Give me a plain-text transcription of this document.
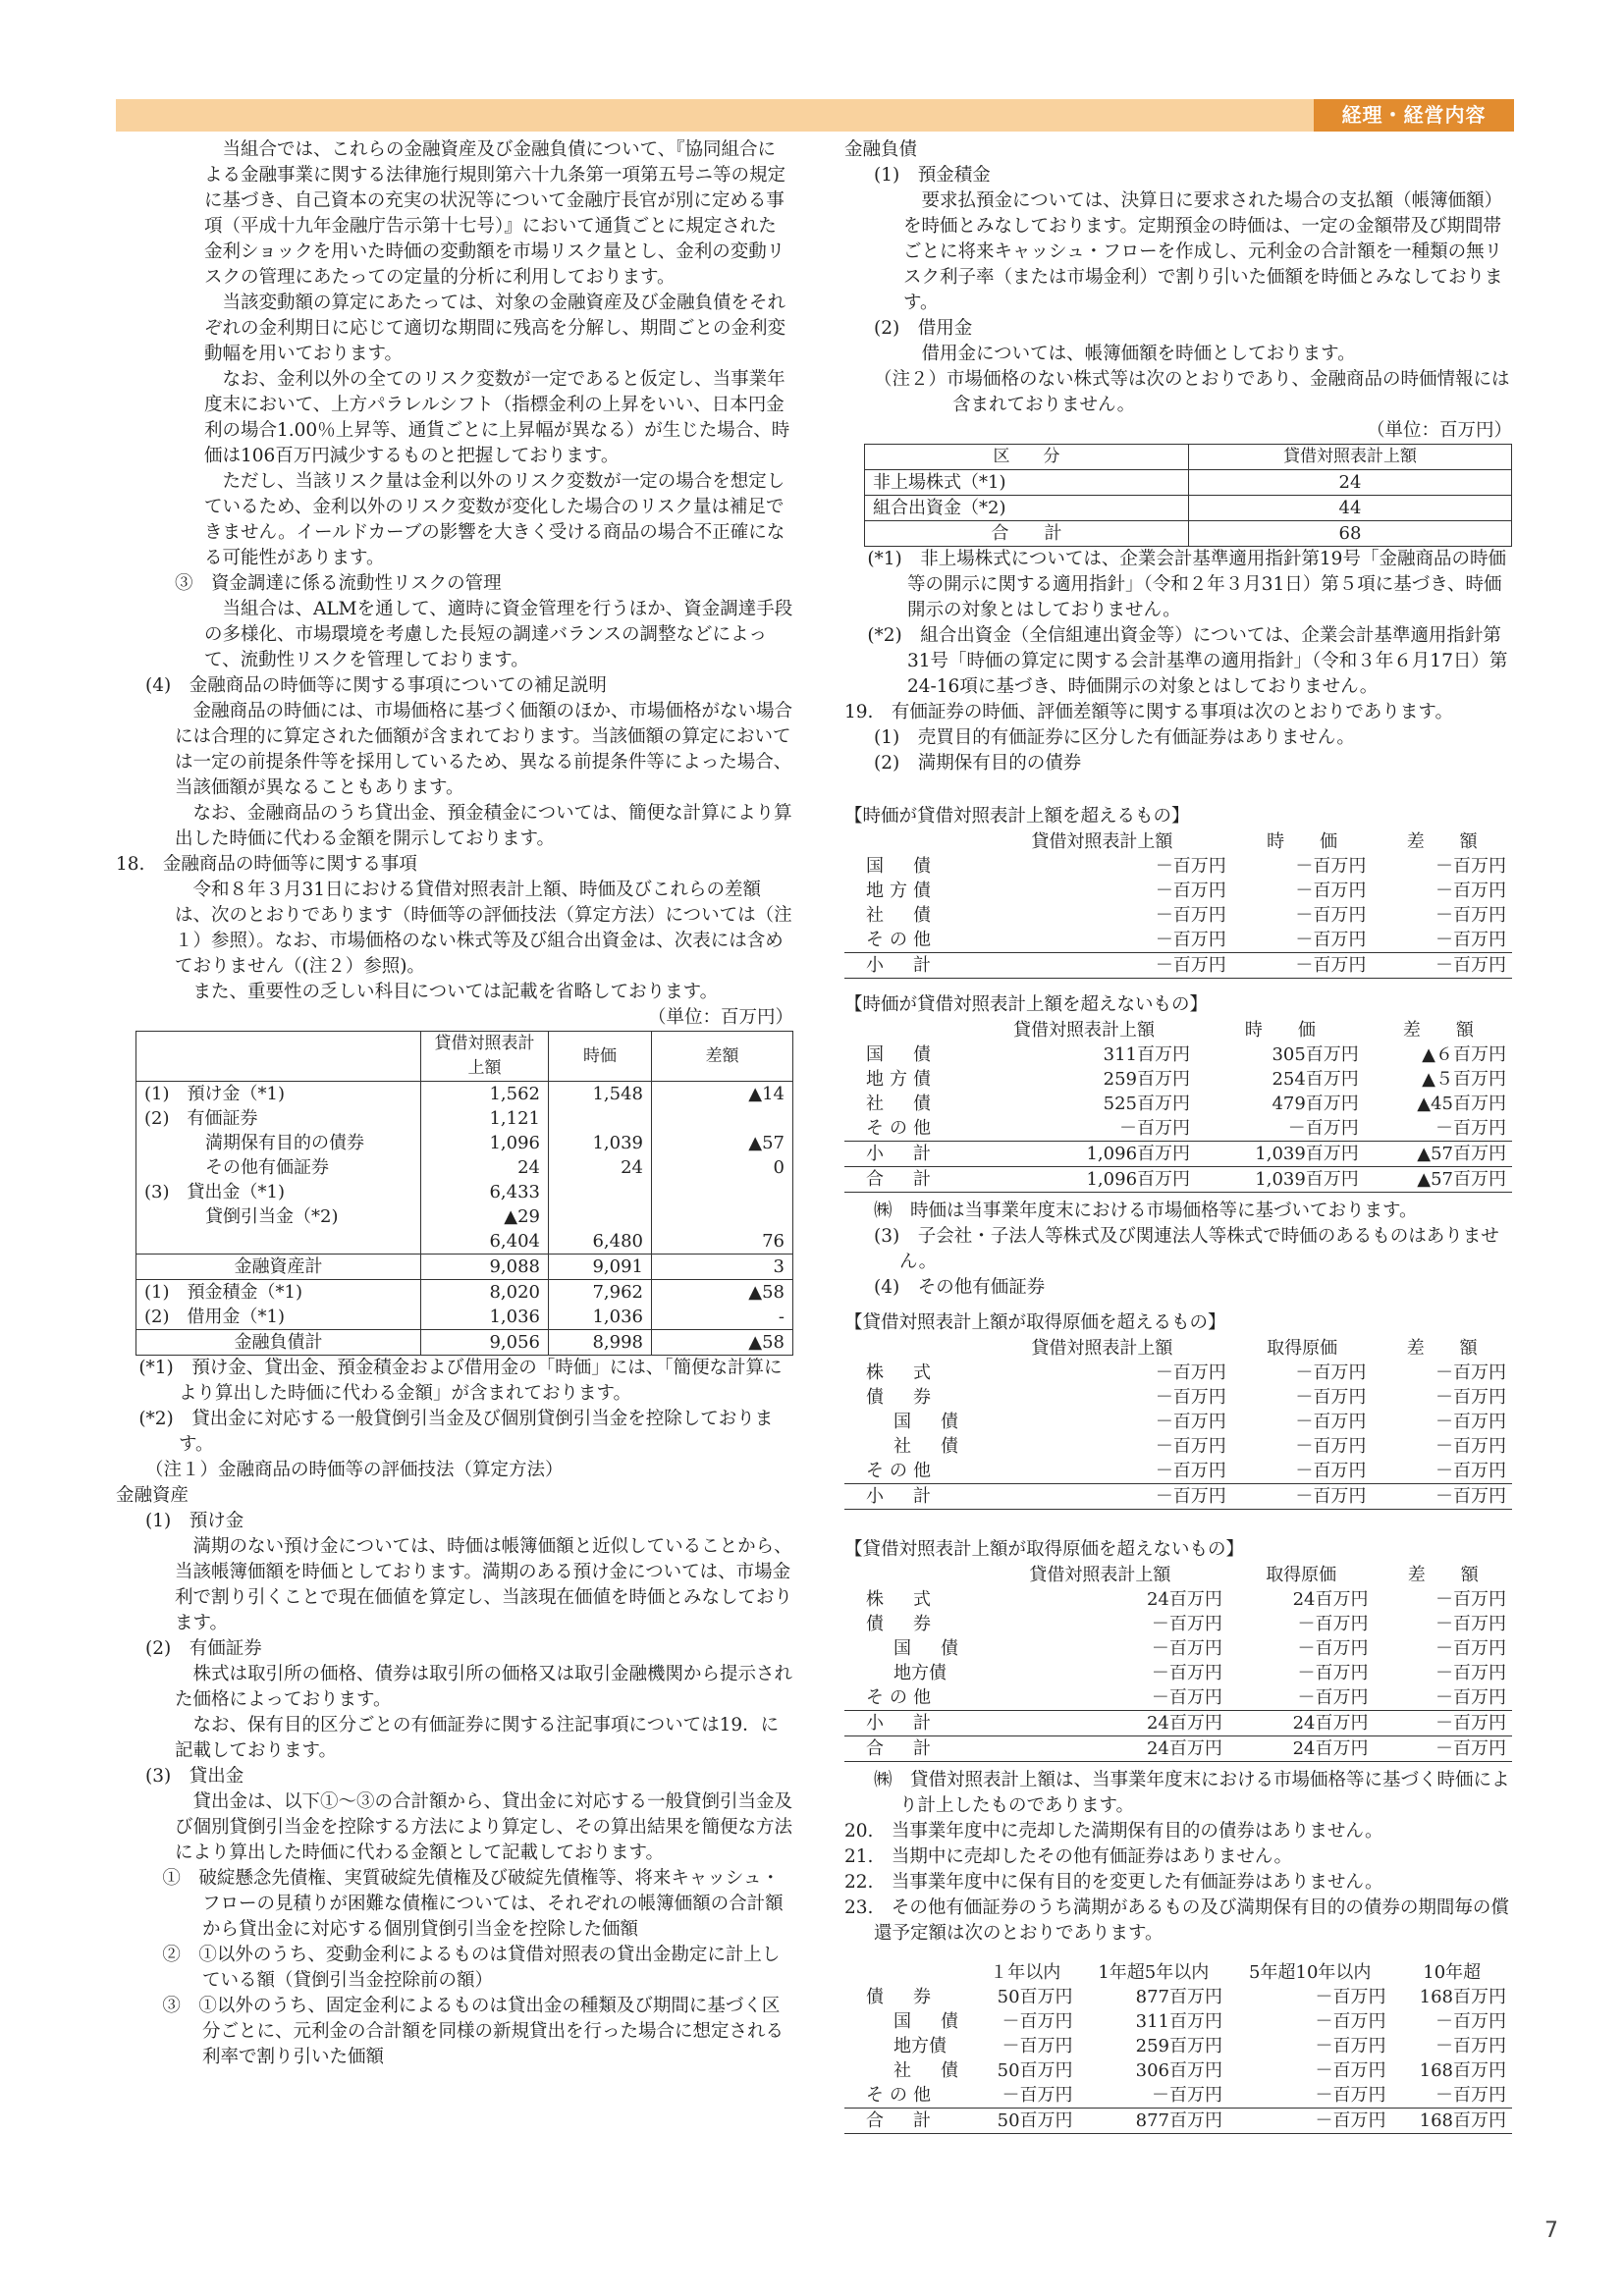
経理・経営内容

当組合では、これらの金融資産及び金融負債について、『協同組合による金融事業に関する法律施行規則第六十九条第一項第五号ニ等の規定に基づき、自己資本の充実の状況等について金融庁長官が別に定める事項（平成十九年金融庁告示第十七号）』において通貨ごとに規定された金利ショックを用いた時価の変動額を市場リスク量とし、金利の変動リスクの管理にあたっての定量的分析に利用しております。

当該変動額の算定にあたっては、対象の金融資産及び金融負債をそれぞれの金利期日に応じて適切な期間に残高を分解し、期間ごとの金利変動幅を用いております。

なお、金利以外の全てのリスク変数が一定であると仮定し、当事業年度末において、上方パラレルシフト（指標金利の上昇をいい、日本円金利の場合1.00％上昇等、通貨ごとに上昇幅が異なる）が生じた場合、時価は106百万円減少するものと把握しております。

ただし、当該リスク量は金利以外のリスク変数が一定の場合を想定しているため、金利以外のリスク変数が変化した場合のリスク量は補足できません。イールドカーブの影響を大きく受ける商品の場合不正確になる可能性があります。

③　資金調達に係る流動性リスクの管理

当組合は、ALMを通して、適時に資金管理を行うほか、資金調達手段の多様化、市場環境を考慮した長短の調達バランスの調整などによって、流動性リスクを管理しております。

(4)　金融商品の時価等に関する事項についての補足説明

金融商品の時価には、市場価格に基づく価額のほか、市場価格がない場合には合理的に算定された価額が含まれております。当該価額の算定においては一定の前提条件等を採用しているため、異なる前提条件等によった場合、当該価額が異なることもあります。

なお、金融商品のうち貸出金、預金積金については、簡便な計算により算出した時価に代わる金額を開示しております。

18.　金融商品の時価等に関する事項

令和８年３月31日における貸借対照表計上額、時価及びこれらの差額は、次のとおりであります（時価等の評価技法（算定方法）については（注１）参照）。なお、市場価格のない株式等及び組合出資金は、次表には含めておりません（(注２）参照)。

また、重要性の乏しい科目については記載を省略しております。

（単位：百万円）

	貸借対照表計上額	時価	差額
(1)　預け金（*1)	1,562	1,548	▲14
(2)　有価証券	1,121		
満期保有目的の債券	1,096	1,039	▲57
その他有価証券	24	24	0
(3)　貸出金（*1)	6,433		
貸倒引当金（*2)	▲29		
	6,404	6,480	76
金融資産計	9,088	9,091	3
(1)　預金積金（*1)	8,020	7,962	▲58
(2)　借用金（*1)	1,036	1,036	-
金融負債計	9,056	8,998	▲58

(*1)　預け金、貸出金、預金積金および借用金の「時価」には、「簡便な計算により算出した時価に代わる金額」が含まれております。

(*2)　貸出金に対応する一般貸倒引当金及び個別貸倒引当金を控除しております。

（注１）金融商品の時価等の評価技法（算定方法）

金融資産

(1)　預け金

満期のない預け金については、時価は帳簿価額と近似していることから、当該帳簿価額を時価としております。満期のある預け金については、市場金利で割り引くことで現在価値を算定し、当該現在価値を時価とみなしております。

(2)　有価証券

株式は取引所の価格、債券は取引所の価格又は取引金融機関から提示された価格によっております。

なお、保有目的区分ごとの有価証券に関する注記事項については19．に記載しております。

(3)　貸出金

貸出金は、以下①～③の合計額から、貸出金に対応する一般貸倒引当金及び個別貸倒引当金を控除する方法により算定し、その算出結果を簡便な方法により算出した時価に代わる金額として記載しております。

①　破綻懸念先債権、実質破綻先債権及び破綻先債権等、将来キャッシュ・フローの見積りが困難な債権については、それぞれの帳簿価額の合計額から貸出金に対応する個別貸倒引当金を控除した価額

②　①以外のうち、変動金利によるものは貸借対照表の貸出金勘定に計上している額（貸倒引当金控除前の額）

③　①以外のうち、固定金利によるものは貸出金の種類及び期間に基づく区分ごとに、元利金の合計額を同様の新規貸出を行った場合に想定される利率で割り引いた価額

金融負債

(1)　預金積金

要求払預金については、決算日に要求された場合の支払額（帳簿価額）を時価とみなしております。定期預金の時価は、一定の金額帯及び期間帯ごとに将来キャッシュ・フローを作成し、元利金の合計額を一種類の無リスク利子率（または市場金利）で割り引いた価額を時価とみなしております。

(2)　借用金

借用金については、帳簿価額を時価としております。

（注２）市場価格のない株式等は次のとおりであり、金融商品の時価情報には含まれておりません。

（単位：百万円）

区　　分	貸借対照表計上額
非上場株式（*1)	24
組合出資金（*2)	44
合　　計	68

(*1)　非上場株式については、企業会計基準適用指針第19号「金融商品の時価等の開示に関する適用指針」（令和２年３月31日）第５項に基づき、時価開示の対象とはしておりません。

(*2)　組合出資金（全信組連出資金等）については、企業会計基準適用指針第31号「時価の算定に関する会計基準の適用指針」（令和３年６月17日）第24-16項に基づき、時価開示の対象とはしておりません。

19.　有価証券の時価、評価差額等に関する事項は次のとおりであります。

(1)　売買目的有価証券に区分した有価証券はありません。

(2)　満期保有目的の債券

【時価が貸借対照表計上額を超えるもの】

	貸借対照表計上額	時　　価	差　　額
国　債	－百万円	－百万円	－百万円
地方債	－百万円	－百万円	－百万円
社　債	－百万円	－百万円	－百万円
その他	－百万円	－百万円	－百万円
小　計	－百万円	－百万円	－百万円

【時価が貸借対照表計上額を超えないもの】

	貸借対照表計上額	時　　価	差　　額
国　債	311百万円	305百万円	▲６百万円
地方債	259百万円	254百万円	▲５百万円
社　債	525百万円	479百万円	▲45百万円
その他	－百万円	－百万円	－百万円
小　計	1,096百万円	1,039百万円	▲57百万円
合　計	1,096百万円	1,039百万円	▲57百万円

㈱　時価は当事業年度末における市場価格等に基づいております。

(3)　子会社・子法人等株式及び関連法人等株式で時価のあるものはありません。

(4)　その他有価証券

【貸借対照表計上額が取得原価を超えるもの】

	貸借対照表計上額	取得原価	差　　額
株　式	－百万円	－百万円	－百万円
債　券	－百万円	－百万円	－百万円
国　債	－百万円	－百万円	－百万円
社　債	－百万円	－百万円	－百万円
その他	－百万円	－百万円	－百万円
小　計	－百万円	－百万円	－百万円

【貸借対照表計上額が取得原価を超えないもの】

	貸借対照表計上額	取得原価	差　　額
株　式	24百万円	24百万円	－百万円
債　券	－百万円	－百万円	－百万円
国　債	－百万円	－百万円	－百万円
地方債	－百万円	－百万円	－百万円
その他	－百万円	－百万円	－百万円
小　計	24百万円	24百万円	－百万円
合　計	24百万円	24百万円	－百万円

㈱　貸借対照表計上額は、当事業年度末における市場価格等に基づく時価により計上したものであります。

20.　当事業年度中に売却した満期保有目的の債券はありません。

21.　当期中に売却したその他有価証券はありません。

22.　当事業年度中に保有目的を変更した有価証券はありません。

23.　その他有価証券のうち満期があるもの及び満期保有目的の債券の期間毎の償還予定額は次のとおりであります。

	１年以内	1年超5年以内	5年超10年以内	10年超
債　券	50百万円	877百万円	－百万円	168百万円
国　債	－百万円	311百万円	－百万円	－百万円
地方債	－百万円	259百万円	－百万円	－百万円
社　債	50百万円	306百万円	－百万円	168百万円
その他	－百万円	－百万円	－百万円	－百万円
合　計	50百万円	877百万円	－百万円	168百万円
7
